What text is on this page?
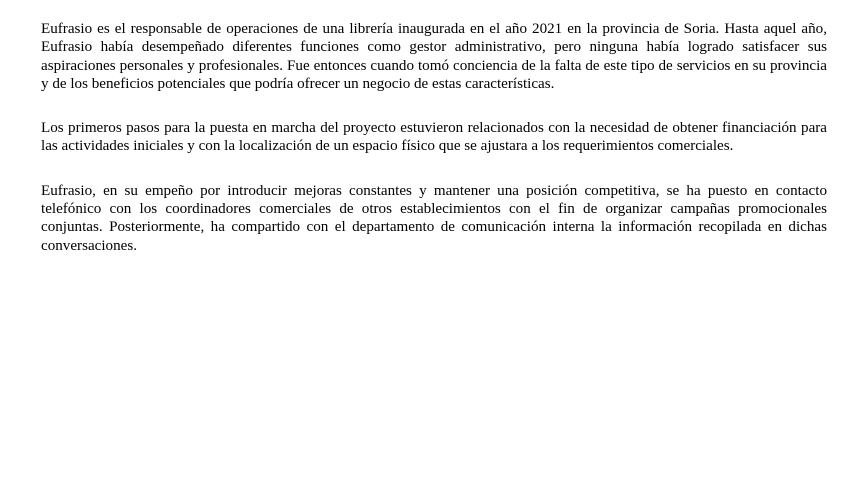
Eufrasio es el responsable de operaciones de una librería inaugurada en el año 2021 en la provincia de Soria. Hasta aquel año, Eufrasio había desempeñado diferentes funciones como gestor administrativo, pero ninguna había logrado satisfacer sus aspiraciones personales y profesionales. Fue entonces cuando tomó conciencia de la falta de este tipo de servicios en su provincia y de los beneficios potenciales que podría ofrecer un negocio de estas características.

Los primeros pasos para la puesta en marcha del proyecto estuvieron relacionados con la necesidad de obtener financiación para las actividades iniciales y con la localización de un espacio físico que se ajustara a los requerimientos comerciales.

Eufrasio, en su empeño por introducir mejoras constantes y mantener una posición competitiva, se ha puesto en contacto telefónico con los coordinadores comerciales de otros establecimientos con el fin de organizar campañas promocionales conjuntas. Posteriormente, ha compartido con el departamento de comunicación interna la información recopilada en dichas conversaciones.
